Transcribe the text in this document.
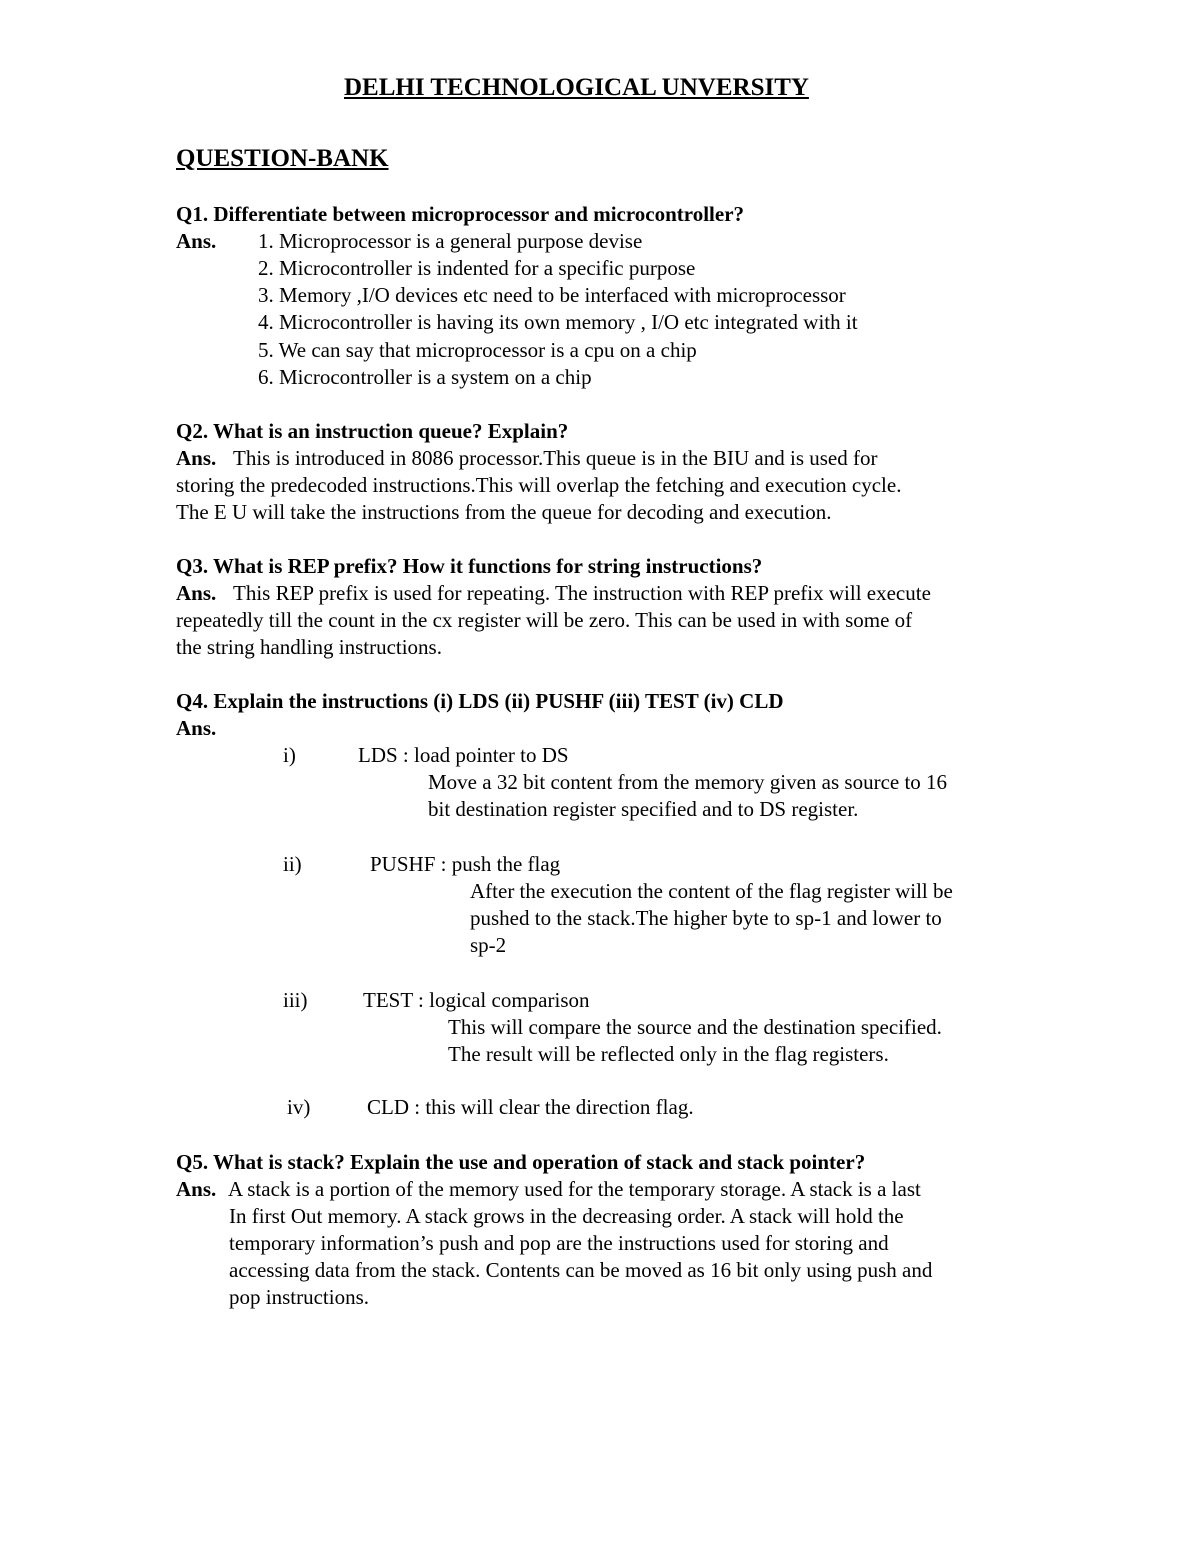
DELHI TECHNOLOGICAL UNVERSITY
QUESTION-BANK
Q1. Differentiate between microprocessor and microcontroller?
Ans. 1. Microprocessor is a general purpose devise
2. Microcontroller is indented for a specific purpose
3. Memory ,I/O devices etc need to be interfaced with microprocessor
4. Microcontroller is having its own memory , I/O etc integrated with it
5. We can say that microprocessor is a cpu on a chip
6. Microcontroller is a system on a chip
Q2. What is an instruction queue? Explain?
Ans. This is introduced in 8086 processor.This queue is in the BIU and is used for
storing the predecoded instructions.This will overlap the fetching and execution cycle.
The E U will take the instructions from the queue for decoding and execution.
Q3. What is REP prefix? How it functions for string instructions?
Ans. This REP prefix is used for repeating. The instruction with REP prefix will execute
repeatedly till the count in the cx register will be zero. This can be used in with some of
the string handling instructions.
Q4. Explain the instructions (i) LDS (ii) PUSHF (iii) TEST (iv) CLD
Ans.
i)	LDS : load pointer to DS
Move a 32 bit content from the memory given as source to 16
bit destination register specified and to DS register.
ii)	PUSHF : push the flag
After the execution the content of the flag register will be
pushed to the stack.The higher byte to sp-1 and lower to
sp-2
iii)	TEST : logical comparison
This will compare the source and the destination specified.
The result will be reflected only in the flag registers.
iv)	CLD : this will clear the direction flag.
Q5. What is stack? Explain the use and operation of stack and stack pointer?
Ans. A stack is a portion of the memory used for the temporary storage. A stack is a last
In first Out memory. A stack grows in the decreasing order. A stack will hold the
temporary information’s push and pop are the instructions used for storing and
accessing data from the stack. Contents can be moved as 16 bit only using push and
pop instructions.
